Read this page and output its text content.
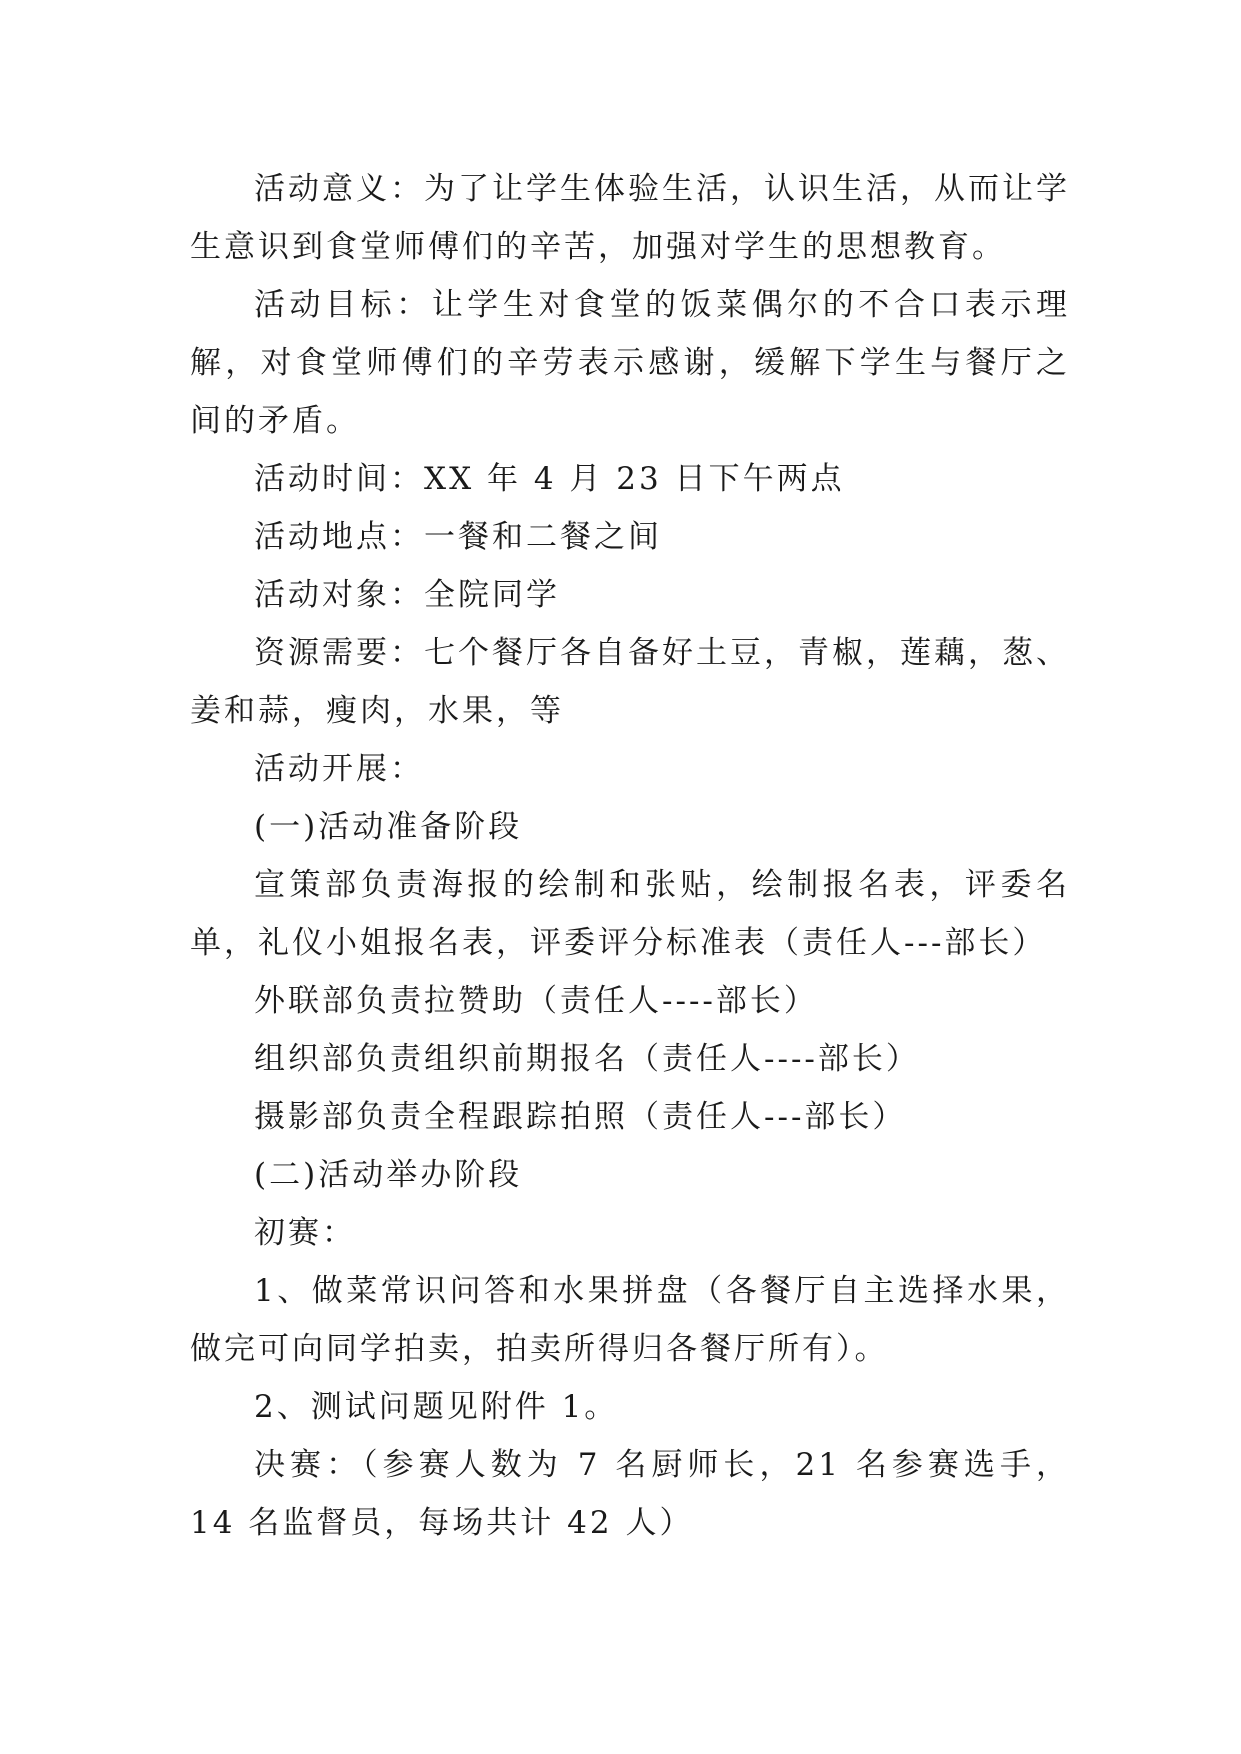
活动意义：为了让学生体验生活，认识生活，从而让学生意识到食堂师傅们的辛苦，加强对学生的思想教育。

活动目标：让学生对食堂的饭菜偶尔的不合口表示理解，对食堂师傅们的辛劳表示感谢，缓解下学生与餐厅之间的矛盾。

活动时间：XX 年 4 月 23 日下午两点

活动地点：一餐和二餐之间

活动对象：全院同学

资源需要：七个餐厅各自备好土豆，青椒，莲藕，葱、姜和蒜，瘦肉，水果，等

活动开展：

(一)活动准备阶段

宣策部负责海报的绘制和张贴，绘制报名表，评委名单，礼仪小姐报名表，评委评分标准表（责任人---部长）

外联部负责拉赞助（责任人----部长）

组织部负责组织前期报名（责任人----部长）

摄影部负责全程跟踪拍照（责任人---部长）

(二)活动举办阶段

初赛：

1、做菜常识问答和水果拼盘（各餐厅自主选择水果，做完可向同学拍卖，拍卖所得归各餐厅所有）。

2、测试问题见附件 1。

决赛：（参赛人数为 7 名厨师长，21 名参赛选手，14 名监督员，每场共计 42 人）
